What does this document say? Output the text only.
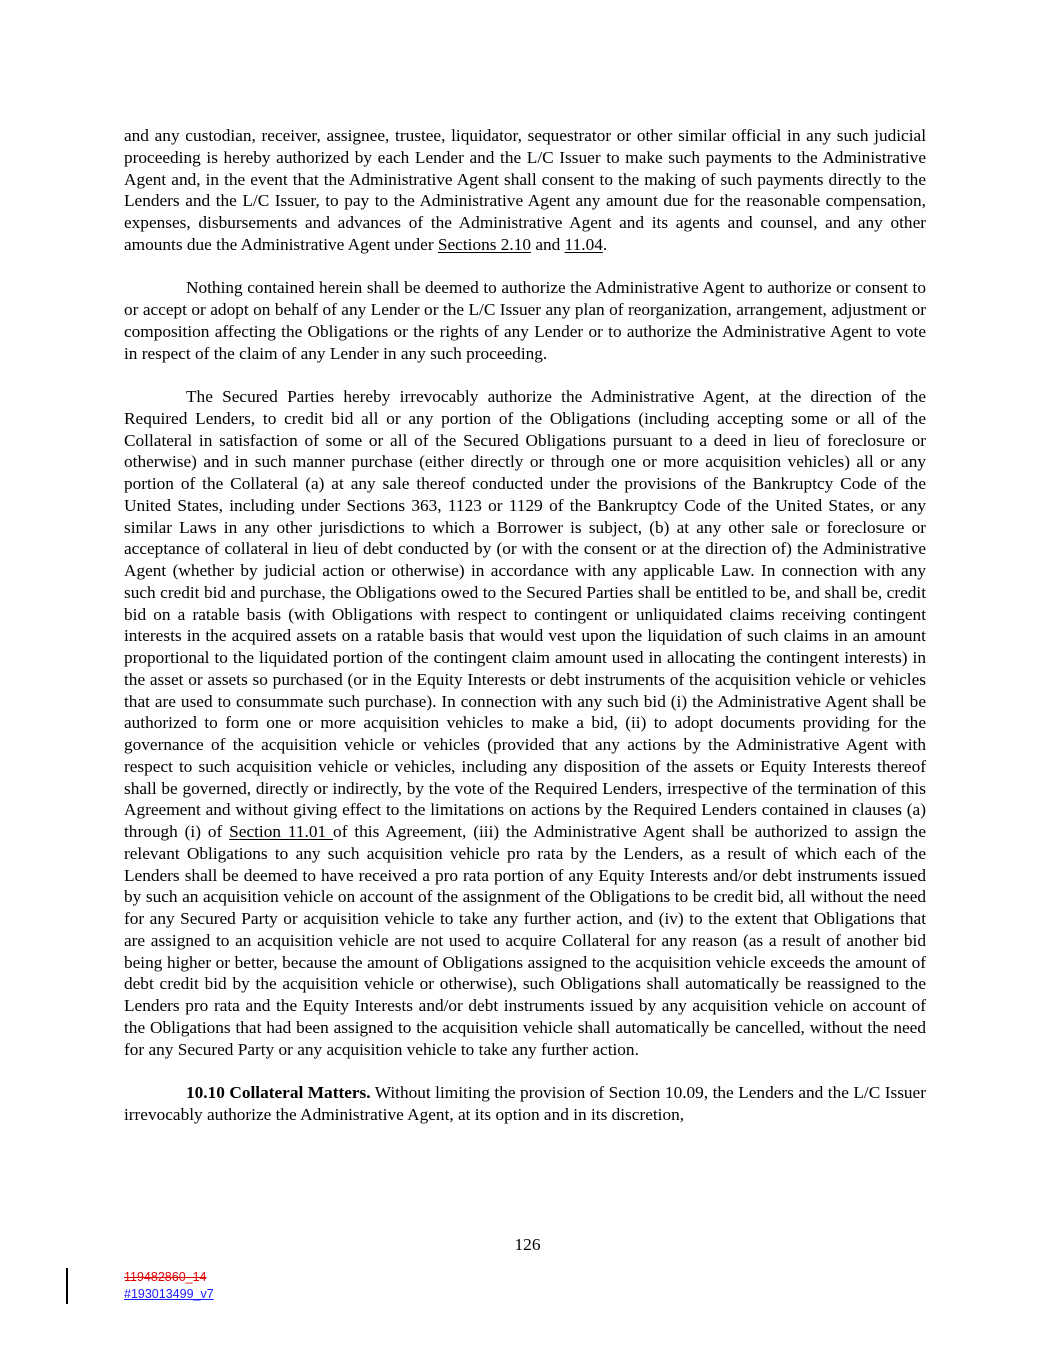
and any custodian, receiver, assignee, trustee, liquidator, sequestrator or other similar official in any such judicial proceeding is hereby authorized by each Lender and the L/C Issuer to make such payments to the Administrative Agent and, in the event that the Administrative Agent shall consent to the making of such payments directly to the Lenders and the L/C Issuer, to pay to the Administrative Agent any amount due for the reasonable compensation, expenses, disbursements and advances of the Administrative Agent and its agents and counsel, and any other amounts due the Administrative Agent under Sections 2.10 and 11.04.

Nothing contained herein shall be deemed to authorize the Administrative Agent to authorize or consent to or accept or adopt on behalf of any Lender or the L/C Issuer any plan of reorganization, arrangement, adjustment or composition affecting the Obligations or the rights of any Lender or to authorize the Administrative Agent to vote in respect of the claim of any Lender in any such proceeding.

The Secured Parties hereby irrevocably authorize the Administrative Agent, at the direction of the Required Lenders, to credit bid all or any portion of the Obligations (including accepting some or all of the Collateral in satisfaction of some or all of the Secured Obligations pursuant to a deed in lieu of foreclosure or otherwise) and in such manner purchase (either directly or through one or more acquisition vehicles) all or any portion of the Collateral (a) at any sale thereof conducted under the provisions of the Bankruptcy Code of the United States, including under Sections 363, 1123 or 1129 of the Bankruptcy Code of the United States, or any similar Laws in any other jurisdictions to which a Borrower is subject, (b) at any other sale or foreclosure or acceptance of collateral in lieu of debt conducted by (or with the consent or at the direction of) the Administrative Agent (whether by judicial action or otherwise) in accordance with any applicable Law. In connection with any such credit bid and purchase, the Obligations owed to the Secured Parties shall be entitled to be, and shall be, credit bid on a ratable basis (with Obligations with respect to contingent or unliquidated claims receiving contingent interests in the acquired assets on a ratable basis that would vest upon the liquidation of such claims in an amount proportional to the liquidated portion of the contingent claim amount used in allocating the contingent interests) in the asset or assets so purchased (or in the Equity Interests or debt instruments of the acquisition vehicle or vehicles that are used to consummate such purchase). In connection with any such bid (i) the Administrative Agent shall be authorized to form one or more acquisition vehicles to make a bid, (ii) to adopt documents providing for the governance of the acquisition vehicle or vehicles (provided that any actions by the Administrative Agent with respect to such acquisition vehicle or vehicles, including any disposition of the assets or Equity Interests thereof shall be governed, directly or indirectly, by the vote of the Required Lenders, irrespective of the termination of this Agreement and without giving effect to the limitations on actions by the Required Lenders contained in clauses (a) through (i) of Section 11.01 of this Agreement, (iii) the Administrative Agent shall be authorized to assign the relevant Obligations to any such acquisition vehicle pro rata by the Lenders, as a result of which each of the Lenders shall be deemed to have received a pro rata portion of any Equity Interests and/or debt instruments issued by such an acquisition vehicle on account of the assignment of the Obligations to be credit bid, all without the need for any Secured Party or acquisition vehicle to take any further action, and (iv) to the extent that Obligations that are assigned to an acquisition vehicle are not used to acquire Collateral for any reason (as a result of another bid being higher or better, because the amount of Obligations assigned to the acquisition vehicle exceeds the amount of debt credit bid by the acquisition vehicle or otherwise), such Obligations shall automatically be reassigned to the Lenders pro rata and the Equity Interests and/or debt instruments issued by any acquisition vehicle on account of the Obligations that had been assigned to the acquisition vehicle shall automatically be cancelled, without the need for any Secured Party or any acquisition vehicle to take any further action.

10.10 Collateral Matters. Without limiting the provision of Section 10.09, the Lenders and the L/C Issuer irrevocably authorize the Administrative Agent, at its option and in its discretion,

126
119482860_14
#193013499_v7
